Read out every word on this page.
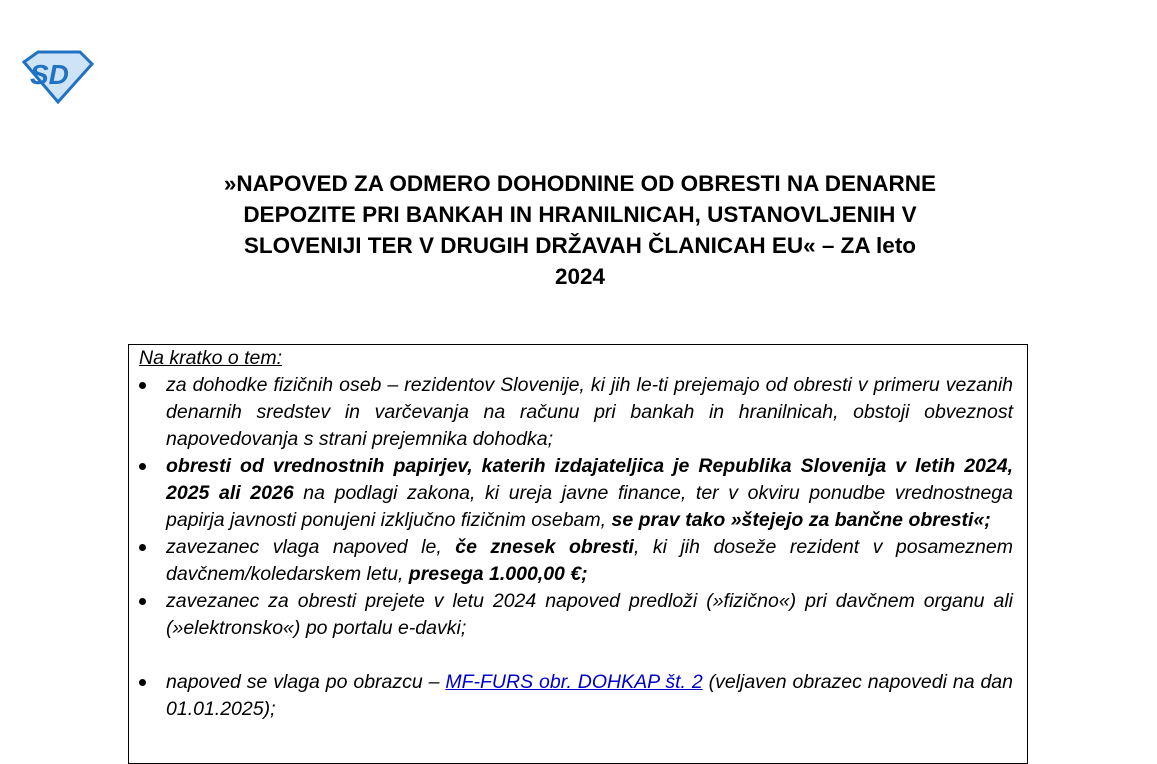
SD
»NAPOVED ZA ODMERO DOHODNINE OD OBRESTI NA DENARNE
DEPOZITE PRI BANKAH IN HRANILNICAH, USTANOVLJENIH V
SLOVENIJI TER V DRUGIH DRŽAVAH ČLANICAH EU« – ZA leto
2024
Na kratko o tem:
za dohodke fizičnih oseb – rezidentov Slovenije, ki jih le-ti prejemajo od obresti v primeru vezanih denarnih sredstev in varčevanja na računu pri bankah in hranilnicah, obstoji obveznost napovedovanja s strani prejemnika dohodka;
obresti od vrednostnih papirjev, katerih izdajateljica je Republika Slovenija v letih 2024, 2025 ali 2026 na podlagi zakona, ki ureja javne finance, ter v okviru ponudbe vrednostnega papirja javnosti ponujeni izključno fizičnim osebam, se prav tako »štejejo za bančne obresti«;
zavezanec vlaga napoved le, če znesek obresti, ki jih doseže rezident v posameznem davčnem/koledarskem letu, presega 1.000,00 €;
zavezanec za obresti prejete v letu 2024 napoved predloži (»fizično«) pri davčnem organu ali (»elektronsko«) po portalu e-davki;
napoved se vlaga po obrazcu – MF-FURS obr. DOHKAP št. 2 (veljaven obrazec napovedi na dan 01.01.2025);
